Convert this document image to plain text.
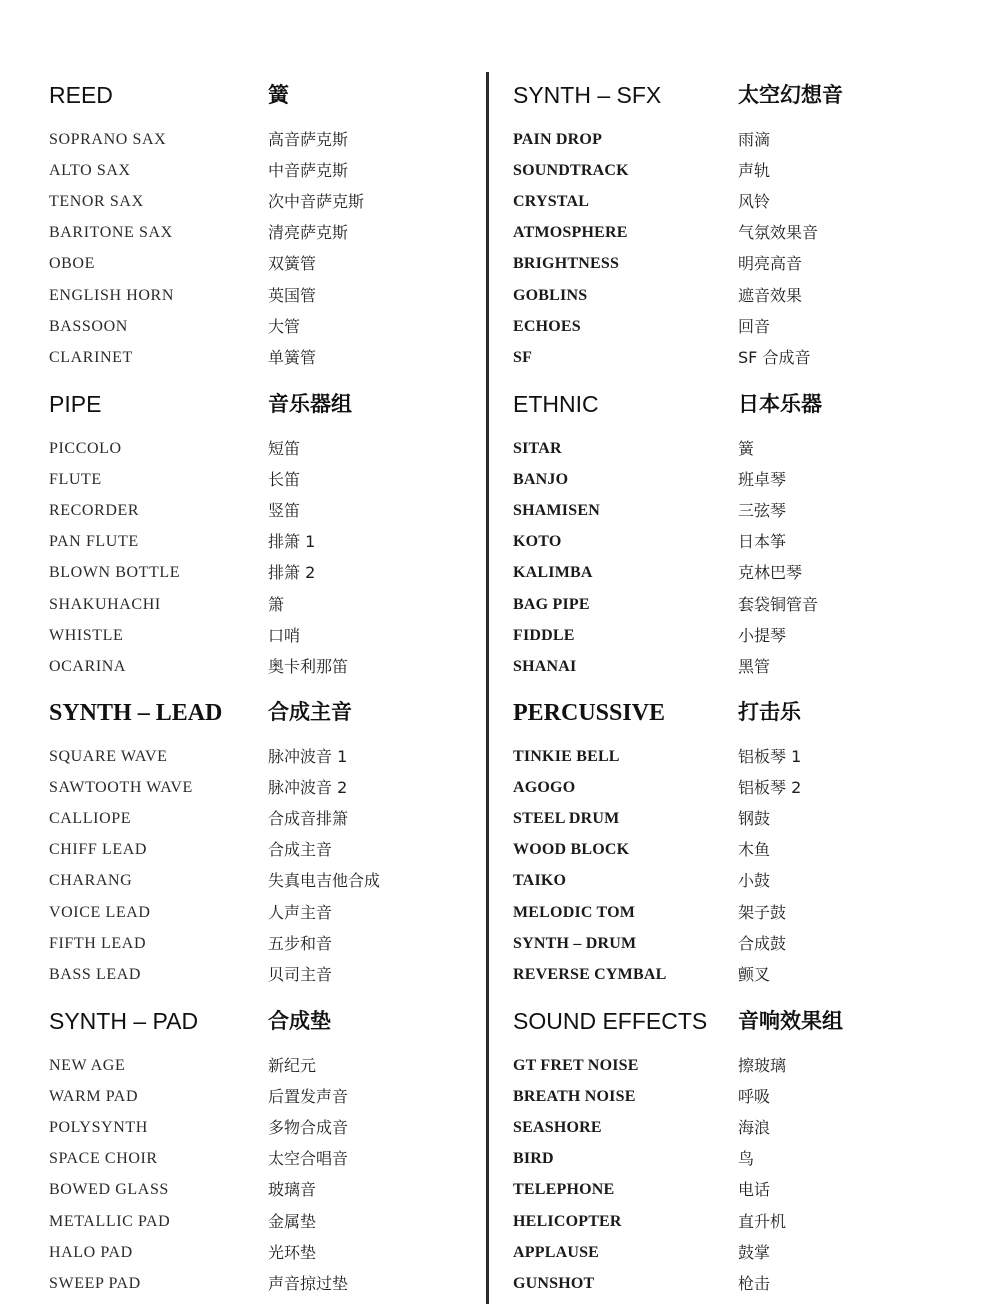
REED	簧
SOPRANO SAX	高音萨克斯
ALTO SAX	中音萨克斯
TENOR SAX	次中音萨克斯
BARITONE SAX	清亮萨克斯
OBOE	双簧管
ENGLISH HORN	英国管
BASSOON	大管
CLARINET	单簧管
PIPE	音乐器组
PICCOLO	短笛
FLUTE	长笛
RECORDER	竖笛
PAN FLUTE	排箫 1
BLOWN BOTTLE	排箫 2
SHAKUHACHI	箫
WHISTLE	口哨
OCARINA	奥卡利那笛
SYNTH – LEAD 合成主音
SQUARE WAVE	脉冲波音 1
SAWTOOTH WAVE	脉冲波音 2
CALLIOPE	合成音排箫
CHIFF LEAD	合成主音
CHARANG	失真电吉他合成
VOICE LEAD	人声主音
FIFTH LEAD	五步和音
BASS LEAD	贝司主音
SYNTH – PAD	合成垫
NEW AGE	新纪元
WARM PAD	后置发声音
POLYSYNTH	多物合成音
SPACE CHOIR	太空合唱音
BOWED GLASS	玻璃音
METALLIC PAD	金属垫
HALO PAD	光环垫
SWEEP PAD	声音掠过垫
SYNTH – SFX	太空幻想音
PAIN DROP	雨滴
SOUNDTRACK	声轨
CRYSTAL	风铃
ATMOSPHERE	气氛效果音
BRIGHTNESS	明亮高音
GOBLINS	遮音效果
ECHOES	回音
SF	SF 合成音
ETHNIC	日本乐器
SITAR	簧
BANJO	班卓琴
SHAMISEN	三弦琴
KOTO	日本筝
KALIMBA	克林巴琴
BAG PIPE	套袋铜管音
FIDDLE	小提琴
SHANAI	黑管
PERCUSSIVE	打击乐
TINKIE BELL	铝板琴 1
AGOGO	铝板琴 2
STEEL DRUM	钢鼓
WOOD BLOCK	木鱼
TAIKO	小鼓
MELODIC TOM	架子鼓
SYNTH – DRUM	合成鼓
REVERSE CYMBAL	颤叉
SOUND EFFECTS 音响效果组
GT FRET NOISE	擦玻璃
BREATH NOISE	呼吸
SEASHORE	海浪
BIRD	鸟
TELEPHONE	电话
HELICOPTER	直升机
APPLAUSE	鼓掌
GUNSHOT	枪击
